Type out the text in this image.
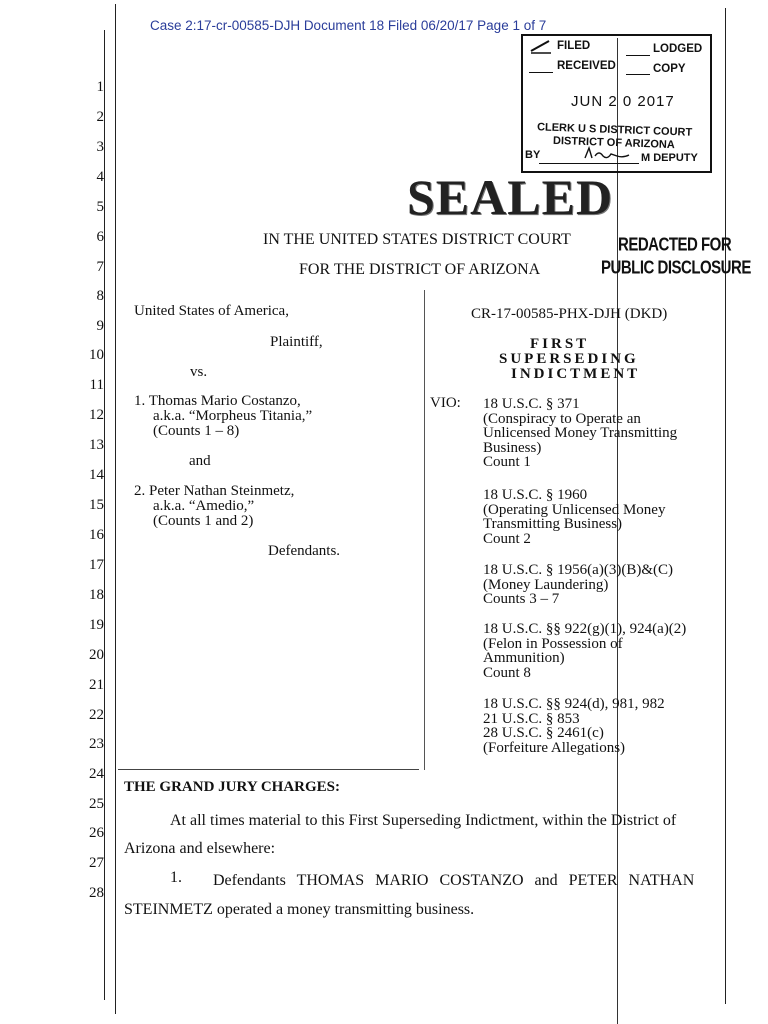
Case 2:17-cr-00585-DJH Document 18 Filed 06/20/17 Page 1 of 7
1
2
3
4
5
6
7
8
9
10
11
12
13
14
15
16
17
18
19
20
21
22
23
24
25
26
27
28
FILED	LODGED
RECEIVED	COPY
JUN 2 0 2017
CLERK U S DISTRICT COURT
DISTRICT OF ARIZONA
BY	M DEPUTY
SEALED
REDACTED FOR
PUBLIC DISCLOSURE
IN THE UNITED STATES DISTRICT COURT
FOR THE DISTRICT OF ARIZONA
United States of America,
Plaintiff,
vs.
1. Thomas Mario Costanzo,
a.k.a. “Morpheus Titania,”
(Counts 1 – 8)
and
2. Peter Nathan Steinmetz,
a.k.a. “Amedio,”
(Counts 1 and 2)
Defendants.
CR-17-00585-PHX-DJH (DKD)
FIRST
SUPERSEDING
INDICTMENT
VIO: 18 U.S.C. § 371
(Conspiracy to Operate an
Unlicensed Money Transmitting
Business)
Count 1
18 U.S.C. § 1960
(Operating Unlicensed Money
Transmitting Business)
Count 2
18 U.S.C. § 1956(a)(3)(B)&(C)
(Money Laundering)
Counts 3 – 7
18 U.S.C. §§ 922(g)(1), 924(a)(2)
(Felon in Possession of
Ammunition)
Count 8
18 U.S.C. §§ 924(d), 981, 982
21 U.S.C. § 853
28 U.S.C. § 2461(c)
(Forfeiture Allegations)
THE GRAND JURY CHARGES:
At all times material to this First Superseding Indictment, within the District of
Arizona and elsewhere:
1. Defendants THOMAS MARIO COSTANZO and PETER NATHAN
STEINMETZ operated a money transmitting business.
